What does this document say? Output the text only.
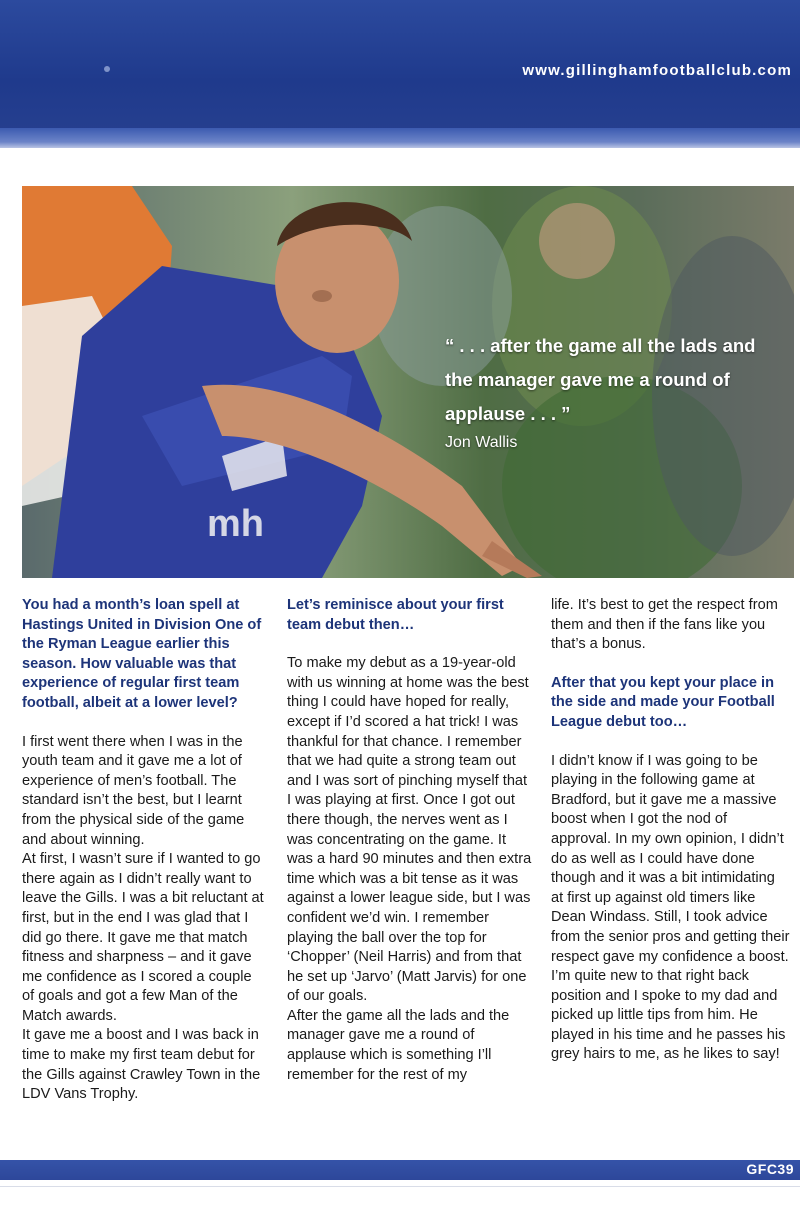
www.gillinghamfootballclub.com
mh
“ . . . after the game all the lads and the manager gave me a round of applause . . . ”
Jon Wallis

You had a month’s loan spell at Hastings United in Division One of the Ryman League earlier this season. How valuable was that experience of regular first team football, albeit at a lower level?

I first went there when I was in the youth team and it gave me a lot of experience of men’s football. The standard isn’t the best, but I learnt from the physical side of the game and about winning.

At first, I wasn’t sure if I wanted to go there again as I didn’t really want to leave the Gills. I was a bit reluctant at first, but in the end I was glad that I did go there. It gave me that match fitness and sharpness – and it gave me confidence as I scored a couple of goals and got a few Man of the Match awards.

It gave me a boost and I was back in time to make my first team debut for the Gills against Crawley Town in the LDV Vans Trophy.

Let’s reminisce about your first team debut then…

To make my debut as a 19-year-old with us winning at home was the best thing I could have hoped for really, except if I’d scored a hat trick! I was thankful for that chance. I remember that we had quite a strong team out and I was sort of pinching myself that I was playing at first. Once I got out there though, the nerves went as I was concentrating on the game. It was a hard 90 minutes and then extra time which was a bit tense as it was against a lower league side, but I was confident we’d win. I remember playing the ball over the top for ‘Chopper’ (Neil Harris) and from that he set up ‘Jarvo’ (Matt Jarvis) for one of our goals.

After the game all the lads and the manager gave me a round of applause which is something I’ll remember for the rest of my

life. It’s best to get the respect from them and then if the fans like you that’s a bonus.

After that you kept your place in the side and made your Football League debut too…

I didn’t know if I was going to be playing in the following game at Bradford, but it gave me a massive boost when I got the nod of approval. In my own opinion, I didn’t do as well as I could have done though and it was a bit intimidating at first up against old timers like Dean Windass. Still, I took advice from the senior pros and getting their respect gave my confidence a boost.

I’m quite new to that right back position and I spoke to my dad and picked up little tips from him. He played in his time and he passes his grey hairs to me, as he likes to say!

GFC39
